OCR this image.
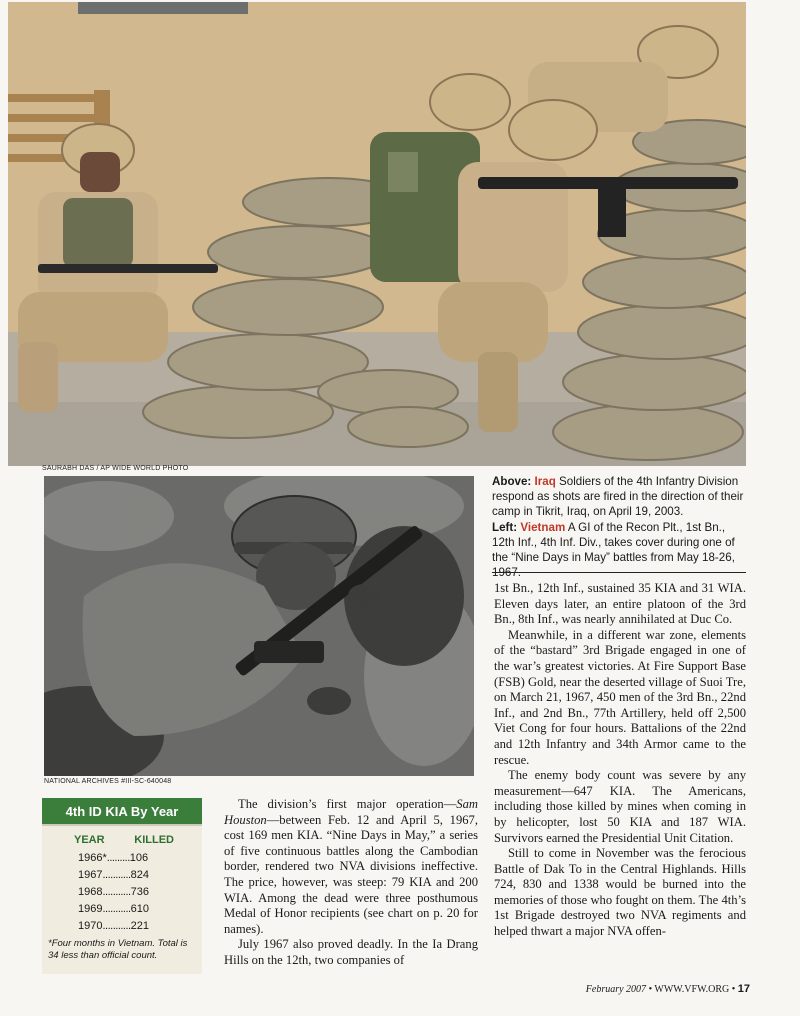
SAURABH DAS / AP WIDE WORLD PHOTO
NATIONAL ARCHIVES #III-SC-640048

Above: Iraq Soldiers of the 4th Infantry Division respond as shots are fired in the direction of their camp in Tikrit, Iraq, on April 19, 2003.

Left: Vietnam A GI of the Recon Plt., 1st Bn., 12th Inf., 4th Inf. Div., takes cover during one of the “Nine Days in May” battles from May 18-26, 1967.

4th ID KIA By Year
YEAR	KILLED
1966*.........106
1967...........824
1968...........736
1969...........610
1970...........221
*Four months in Vietnam. Total is 34 less than official count.

The division’s first major operation—Sam Houston—between Feb. 12 and April 5, 1967, cost 169 men KIA. “Nine Days in May,” a series of five continuous battles along the Cambodian border, rendered two NVA divisions ineffective. The price, however, was steep: 79 KIA and 200 WIA. Among the dead were three posthumous Medal of Honor recipients (see chart on p. 20 for names).

July 1967 also proved deadly. In the Ia Drang Hills on the 12th, two companies of

1st Bn., 12th Inf., sustained 35 KIA and 31 WIA. Eleven days later, an entire platoon of the 3rd Bn., 8th Inf., was nearly annihilated at Duc Co.

Meanwhile, in a different war zone, elements of the “bastard” 3rd Brigade engaged in one of the war’s greatest victories. At Fire Support Base (FSB) Gold, near the deserted village of Suoi Tre, on March 21, 1967, 450 men of the 3rd Bn., 22nd Inf., and 2nd Bn., 77th Artillery, held off 2,500 Viet Cong for four hours. Battalions of the 22nd and 12th Infantry and 34th Armor came to the rescue.

The enemy body count was severe by any measurement—647 KIA. The Americans, including those killed by mines when coming in by helicopter, lost 50 KIA and 187 WIA. Survivors earned the Presidential Unit Citation.

Still to come in November was the ferocious Battle of Dak To in the Central Highlands. Hills 724, 830 and 1338 would be burned into the memories of those who fought on them. The 4th’s 1st Brigade destroyed two NVA regiments and helped thwart a major NVA offen-

February 2007 • WWW.VFW.ORG • 17
